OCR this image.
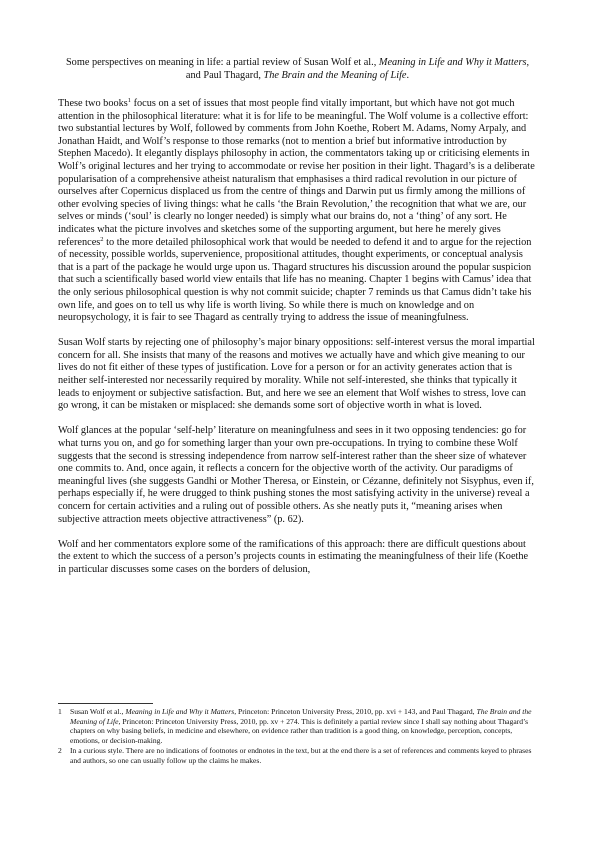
Some perspectives on meaning in life: a partial review of Susan Wolf et al., Meaning in Life and Why it Matters, and Paul Thagard, The Brain and the Meaning of Life.

These two books$^1$ focus on a set of issues that most people find vitally important, but which have not got much attention in the philosophical literature: what it is for life to be meaningful. The Wolf volume is a collective effort: two substantial lectures by Wolf, followed by comments from John Koethe, Robert M. Adams, Nomy Arpaly, and Jonathan Haidt, and Wolf’s response to those remarks (not to mention a brief but informative introduction by Stephen Macedo). It elegantly displays philosophy in action, the commentators taking up or criticising elements in Wolf’s original lectures and her trying to accommodate or revise her position in their light. Thagard’s is a deliberate popularisation of a comprehensive atheist naturalism that emphasises a third radical revolution in our picture of ourselves after Copernicus displaced us from the centre of things and Darwin put us firmly among the millions of other evolving species of living things: what he calls ‘the Brain Revolution,’ the recognition that what we are, our selves or minds (‘soul’ is clearly no longer needed) is simply what our brains do, not a ‘thing’ of any sort. He indicates what the picture involves and sketches some of the supporting argument, but here he merely gives references$^2$ to the more detailed philosophical work that would be needed to defend it and to argue for the rejection of necessity, possible worlds, supervenience, propositional attitudes, thought experiments, or conceptual analysis that is a part of the package he would urge upon us. Thagard structures his discussion around the popular suspicion that such a scientifically based world view entails that life has no meaning. Chapter 1 begins with Camus’ idea that the only serious philosophical question is why not commit suicide; chapter 7 reminds us that Camus didn’t take his own life, and goes on to tell us why life is worth living. So while there is much on knowledge and on neuropsychology, it is fair to see Thagard as centrally trying to address the issue of meaningfulness.

Susan Wolf starts by rejecting one of philosophy’s major binary oppositions: self-interest versus the moral impartial concern for all. She insists that many of the reasons and motives we actually have and which give meaning to our lives do not fit either of these types of justification. Love for a person or for an activity generates action that is neither self-interested nor necessarily required by morality. While not self-interested, she thinks that typically it leads to enjoyment or subjective satisfaction. But, and here we see an element that Wolf wishes to stress, love can go wrong, it can be mistaken or misplaced: she demands some sort of objective worth in what is loved.

Wolf glances at the popular ‘self-help’ literature on meaningfulness and sees in it two opposing tendencies: go for what turns you on, and go for something larger than your own pre-occupations. In trying to combine these Wolf suggests that the second is stressing independence from narrow self-interest rather than the sheer size of whatever one commits to. And, once again, it reflects a concern for the objective worth of the activity. Our paradigms of meaningful lives (she suggests Gandhi or Mother Theresa, or Einstein, or Cézanne, definitely not Sisyphus, even if, perhaps especially if, he were drugged to think pushing stones the most satisfying activity in the universe) reveal a concern for certain activities and a ruling out of possible others. As she neatly puts it, “meaning arises when subjective attraction meets objective attractiveness” (p. 62).

Wolf and her commentators explore some of the ramifications of this approach: there are difficult questions about the extent to which the success of a person’s projects counts in estimating the meaningfulness of their life (Koethe in particular discusses some cases on the borders of delusion,

1	Susan Wolf et al., Meaning in Life and Why it Matters, Princeton: Princeton University Press, 2010, pp. xvi + 143, and Paul Thagard, The Brain and the Meaning of Life, Princeton: Princeton University Press, 2010, pp. xv + 274. This is definitely a partial review since I shall say nothing about Thagard’s chapters on why basing beliefs, in medicine and elsewhere, on evidence rather than tradition is a good thing, on knowledge, perception, concepts, emotions, or decision-making.
2	In a curious style. There are no indications of footnotes or endnotes in the text, but at the end there is a set of references and comments keyed to phrases and authors, so one can usually follow up the claims he makes.
